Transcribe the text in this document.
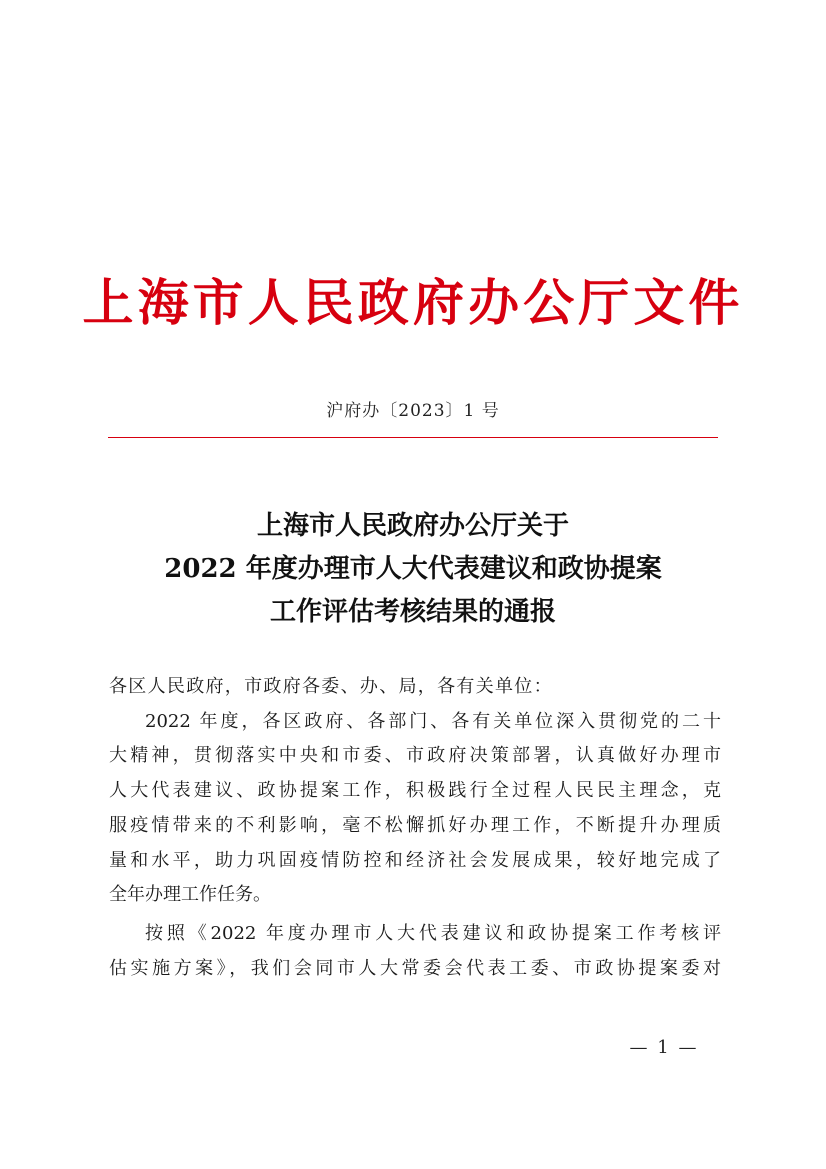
上海市人民政府办公厅文件
沪府办〔2023〕1 号
上海市人民政府办公厅关于
2022 年度办理市人大代表建议和政协提案
工作评估考核结果的通报
各区人民政府，市政府各委、办、局，各有关单位：
2022 年度，各区政府、各部门、各有关单位深入贯彻党的二十
大精神，贯彻落实中央和市委、市政府决策部署，认真做好办理市
人大代表建议、政协提案工作，积极践行全过程人民民主理念，克
服疫情带来的不利影响，毫不松懈抓好办理工作，不断提升办理质
量和水平，助力巩固疫情防控和经济社会发展成果，较好地完成了
全年办理工作任务。
按照《2022 年度办理市人大代表建议和政协提案工作考核评
估实施方案》，我们会同市人大常委会代表工委、市政协提案委对
— 1 —
